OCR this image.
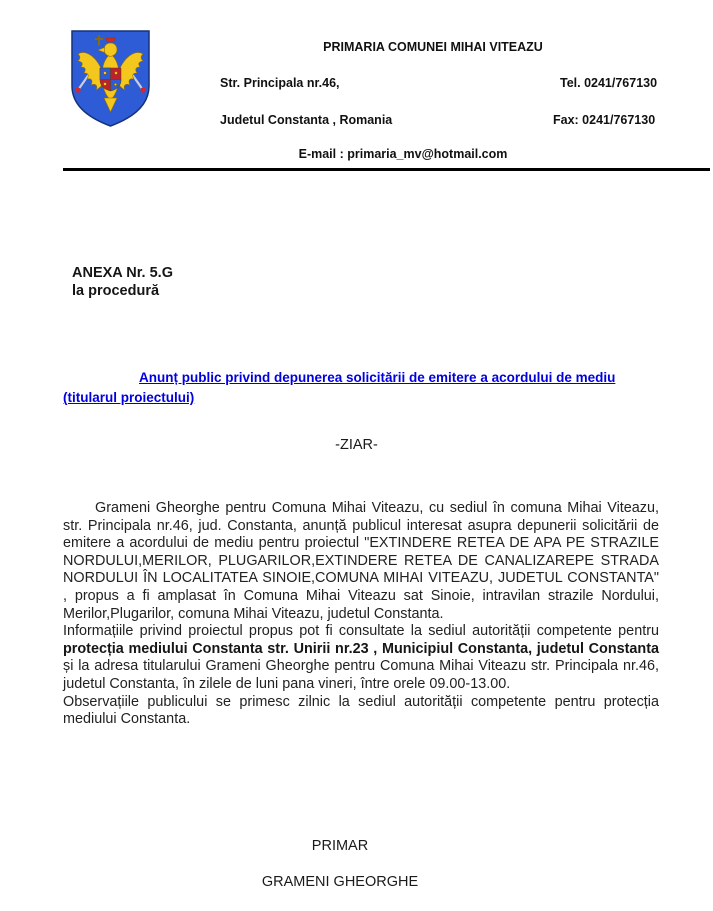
PRIMARIA COMUNEI MIHAI VITEAZU
Str. Principala nr.46,	Tel. 0241/767130
Judetul Constanta , Romania	Fax: 0241/767130
E-mail : primaria_mv@hotmail.com
ANEXA Nr. 5.G
la procedură
Anunț public privind depunerea solicitării de emitere a acordului de mediu (titularul proiectului)
-ZIAR-

Grameni Gheorghe pentru Comuna Mihai Viteazu, cu sediul în comuna Mihai Viteazu, str. Principala nr.46, jud. Constanta, anunță publicul interesat asupra depunerii solicitării de emitere a acordului de mediu pentru proiectul "EXTINDERE RETEA DE APA PE STRAZILE NORDULUI,MERILOR, PLUGARILOR,EXTINDERE RETEA DE CANALIZAREPE STRADA NORDULUI ÎN LOCALITATEA SINOIE,COMUNA MIHAI VITEAZU, JUDETUL CONSTANTA" , propus a fi amplasat în Comuna Mihai Viteazu sat Sinoie, intravilan strazile Nordului, Merilor,Plugarilor, comuna Mihai Viteazu, judetul Constanta.

Informațiile privind proiectul propus pot fi consultate la sediul autorității competente pentru protecția mediului Constanta str. Unirii nr.23 , Municipiul Constanta, judetul Constanta și la adresa titularului Grameni Gheorghe pentru Comuna Mihai Viteazu str. Principala nr.46, judetul Constanta, în zilele de luni pana vineri, între orele 09.00-13.00.

Observațiile publicului se primesc zilnic la sediul autorității competente pentru protecția mediului Constanta.

PRIMAR
GRAMENI GHEORGHE
